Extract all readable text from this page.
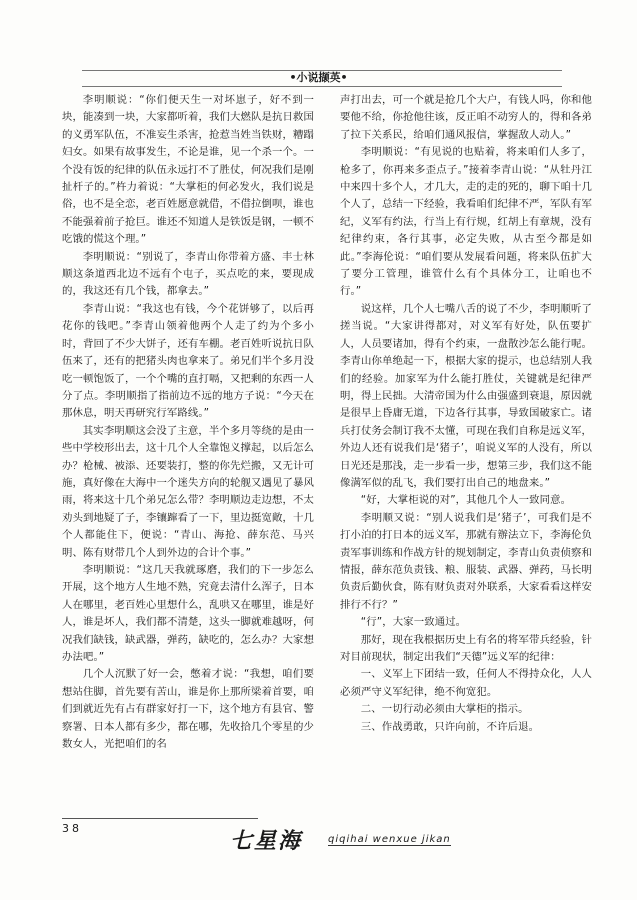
•小说撷英•

李明顺说：“你们便天生一对坏崽子，好不到一块，能凑到一块，大家都听着，我们大燃队是抗日救国的义勇军队伍，不准妄生杀害，抢惹当姓当铁财，糟蹋妇女。如果有故事发生，不论是谁，见一个杀一个。一个没有饭的纪律的队伍永远打不了胜仗，何况我们是刚扯杆子的。”杵力着说：“大掌柜的何必发火，我们说是俗，也不是全恋，老百姓愿意就借，不借拉倒呗，谁也不能强着前子抢巨。谁还不知道人是铁饭是钢，一顿不吃饿的慌这个理。”

李明顺说：“别说了，李青山你带着方盛、丰士林顺这条道西北边不远有个屯子，买点吃的来，要现成的，我这还有几个钱，都拿去。”

李青山说：“我这也有钱，今个花饼够了，以后再花你的钱吧。”李青山领着他两个人走了约为个多小时，背回了不少大饼子，还有车棚。老百姓听说抗日队伍来了，还有的把猪头肉也拿来了。弟兄们半个多月没吃一顿饱饭了，一个个嘴的直打嗝，又把剩的东西一人分了点。李明顺指了指前边不远的地方子说：“今天在那休息，明天再研究行军路线。”

其实李明顺这会没了主意，半个多月等绕的是由一些中学校形出去，这十几个人全靠饱义撑起，以后怎么办？枪械、被添、还要装打，整的你先烂搬，又无计可施，真好像在大海中一个迷失方向的轮舰又遇见了暴风雨，将来这十几个弟兄怎么带？李明顺边走边想，不太劝头到地疑了子，李镶蹿看了一下，里边挺宽敞，十几个人都能住下，便说：“青山、海抢、薛东范、马兴明、陈有财带几个人到外边的合计个事。”

李明顺说：“这几天我就琢磨，我们的下一步怎么开展，这个地方人生地不熟，究竟去清什么浑子，日本人在哪里，老百姓心里想什么，乱哄又在哪里，谁是好人，谁是坏人，我们都不清楚，这头一脚就难越呀，何况我们缺钱，缺武器，弹药，缺吃的，怎么办？大家想办法吧。”

几个人沉默了好一会，憋着才说：“我想，咱们要想站住脚，首先要有苦山，谁是你上那所梁着首要，咱们到就近先有占有群家好打一下，这个地方有县官、警察署、日本人都有多少，都在哪，先收拾几个零星的少数女人，光把咱们的名

声打出去，可一个就是抢几个大户，有钱人吗，你和他要他不给，你抢他往该，反正咱不动穷人的，得和各弟了拉下关系民，给咱们通风报信，掌握敌人动人。”

李明顺说：“有见说的也贴着，将来咱们人多了，枪多了，你再来多歪点子。”接着李青山说：“从牡丹江中来四十多个人，才几大，走的走的死的，聊下咱十几个人了，总结一下经验，我看咱们纪律不严，军队有军纪，义军有约法，行当上有行规，红胡上有章规，没有纪律约束，各行其事，必定失败，从古至今都是如此。”李海伦说：“咱们要从发展看问题，将来队伍扩大了要分工管理，谁管什么有个具体分工，让咱也不行。”

说这样，几个人七嘴八舌的说了不少，李明顺听了搓当说。“大家讲得都对，对义军有好处，队伍要扩人，人员要诸加，得有个约束，一盘散沙怎么能行呢。李青山你单绝起一下，根据大家的提示，也总结别人我们的经验。加家军为什么能打胜仗，关键就是纪律严明，得上民拙。大清帝国为什么由强盛到衰退，原因就是很早上昏庸无道，下边各行其事，导致国破家亡。诸兵打仗务会制订我不太懂，可现在我们自称是远义军，外边人还有说我们是‘猪子’，咱说义军的人没有，所以日光还是那浅，走一步看一步，想第三步，我们这不能像满军似的乱飞，我们要打出自己的地盘来。”

“好，大掌柜说的对”，其他几个人一致同意。

李明顺又说：“别人说我们是‘猪子’，可我们是不打小泊的打日本的远义军，那就有辦法立下，李海伦负责军事训练和作战方针的规划制定，李青山负责侦察和情报，薛东范负责钱、粮、服装、武器、弹药，马长明负责后勤伙食，陈有财负责对外联系，大家看看这样安排行不行？”

“行”，大家一致通过。

那好，现在我根据历史上有名的将军带兵经验，针对目前现状，制定出我们“天德”远义军的纪律：

一、义军上下团结一致，任何人不得持众化，人人必须严守义军纪律，绝不徇宽犯。

二、一切行动必须由大掌柜的指示。

三、作战勇敢，只许向前，不许后退。

38	七星海	qiqihai wenxue jikan
